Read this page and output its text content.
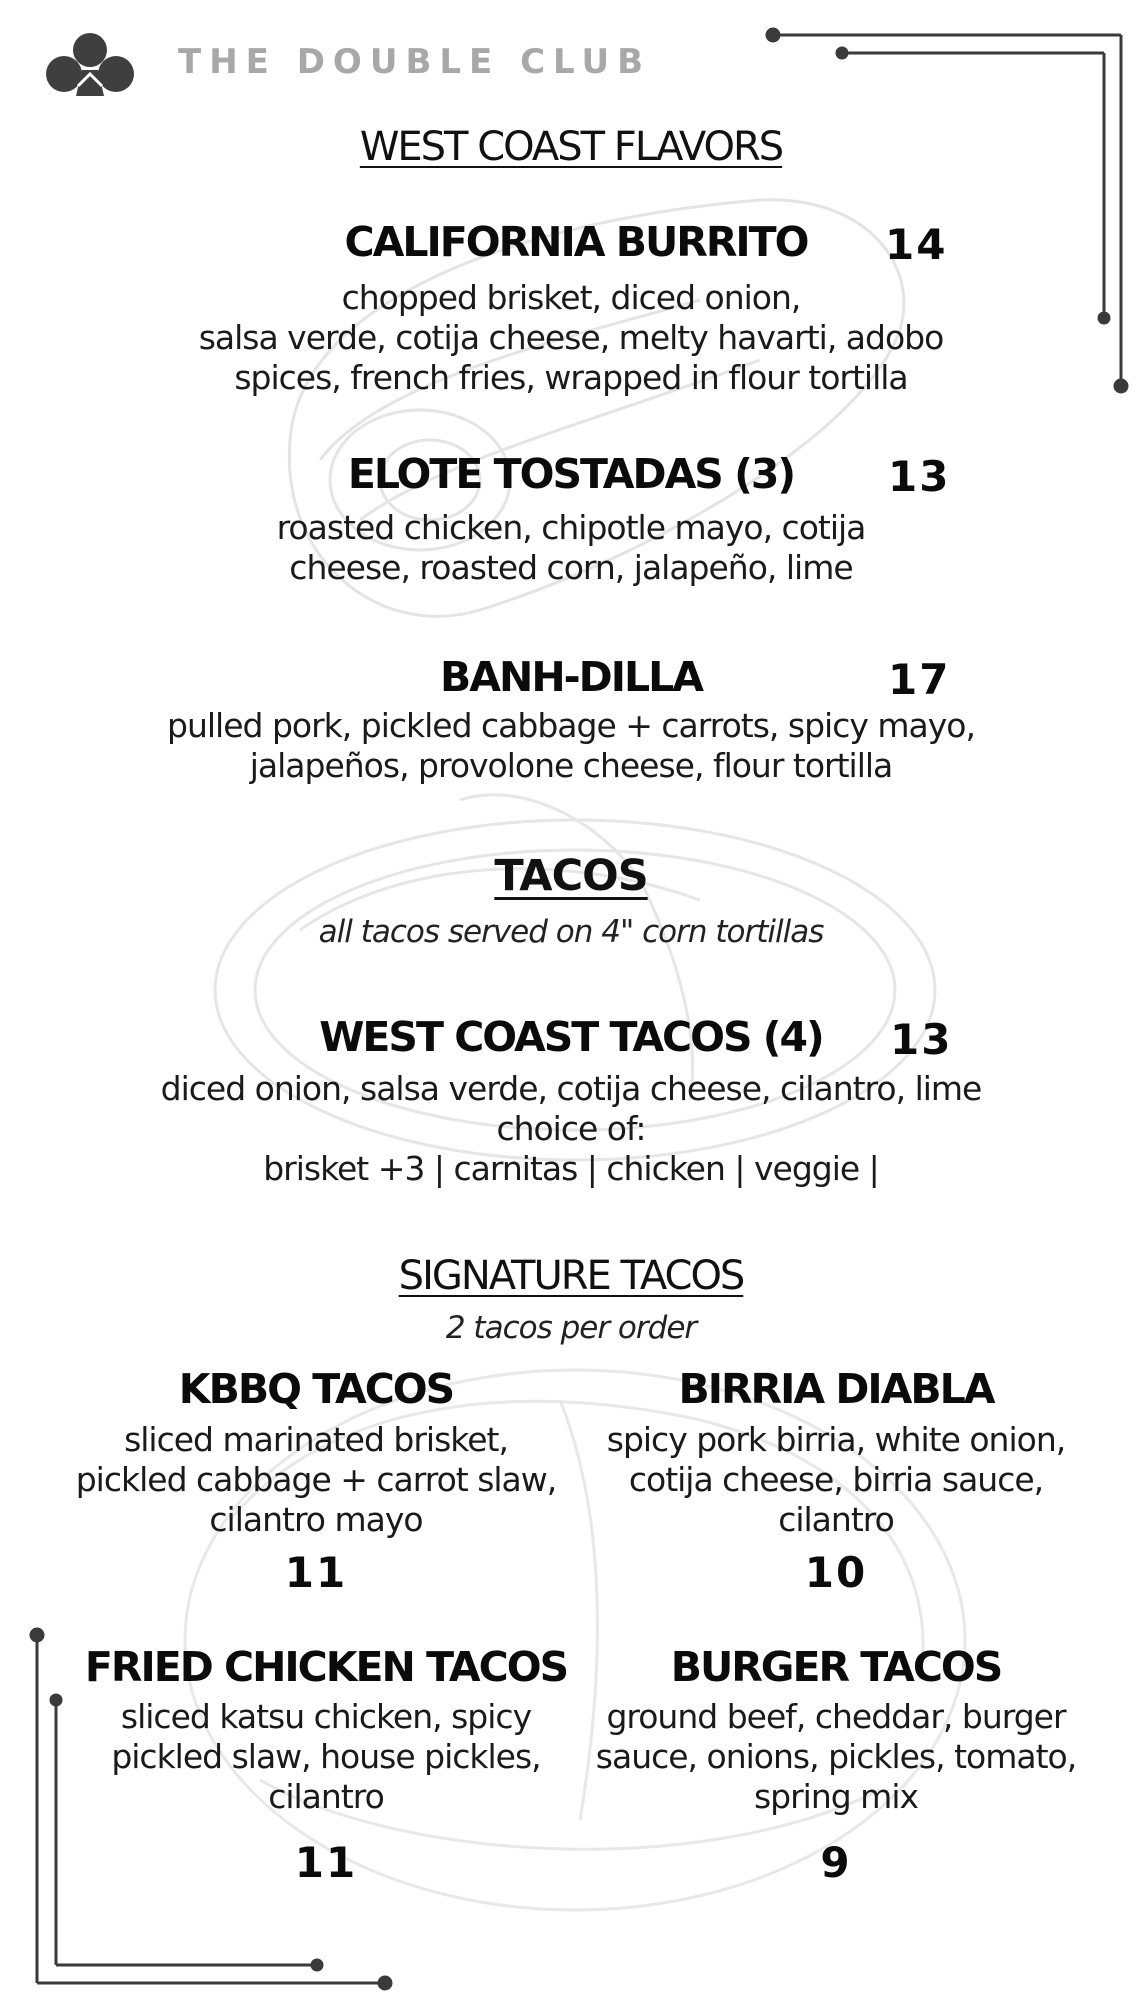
THE DOUBLE CLUB
WEST COAST FLAVORS
CALIFORNIA BURRITO	14
chopped brisket, diced onion,
salsa verde, cotija cheese, melty havarti, adobo
spices, french fries, wrapped in flour tortilla
ELOTE TOSTADAS (3)	13
roasted chicken, chipotle mayo, cotija
cheese, roasted corn, jalapeño, lime
BANH-DILLA	17
pulled pork, pickled cabbage + carrots, spicy mayo,
jalapeños, provolone cheese, flour tortilla
TACOS
all tacos served on 4" corn tortillas
WEST COAST TACOS (4)	13
diced onion, salsa verde, cotija cheese, cilantro, lime
choice of:
brisket +3 | carnitas | chicken | veggie |
SIGNATURE TACOS
2 tacos per order
KBBQ TACOS
sliced marinated brisket,
pickled cabbage + carrot slaw,
cilantro mayo
11
BIRRIA DIABLA
spicy pork birria, white onion,
cotija cheese, birria sauce,
cilantro
10
FRIED CHICKEN TACOS
sliced katsu chicken, spicy
pickled slaw, house pickles,
cilantro
11
BURGER TACOS
ground beef, cheddar, burger
sauce, onions, pickles, tomato,
spring mix
9
